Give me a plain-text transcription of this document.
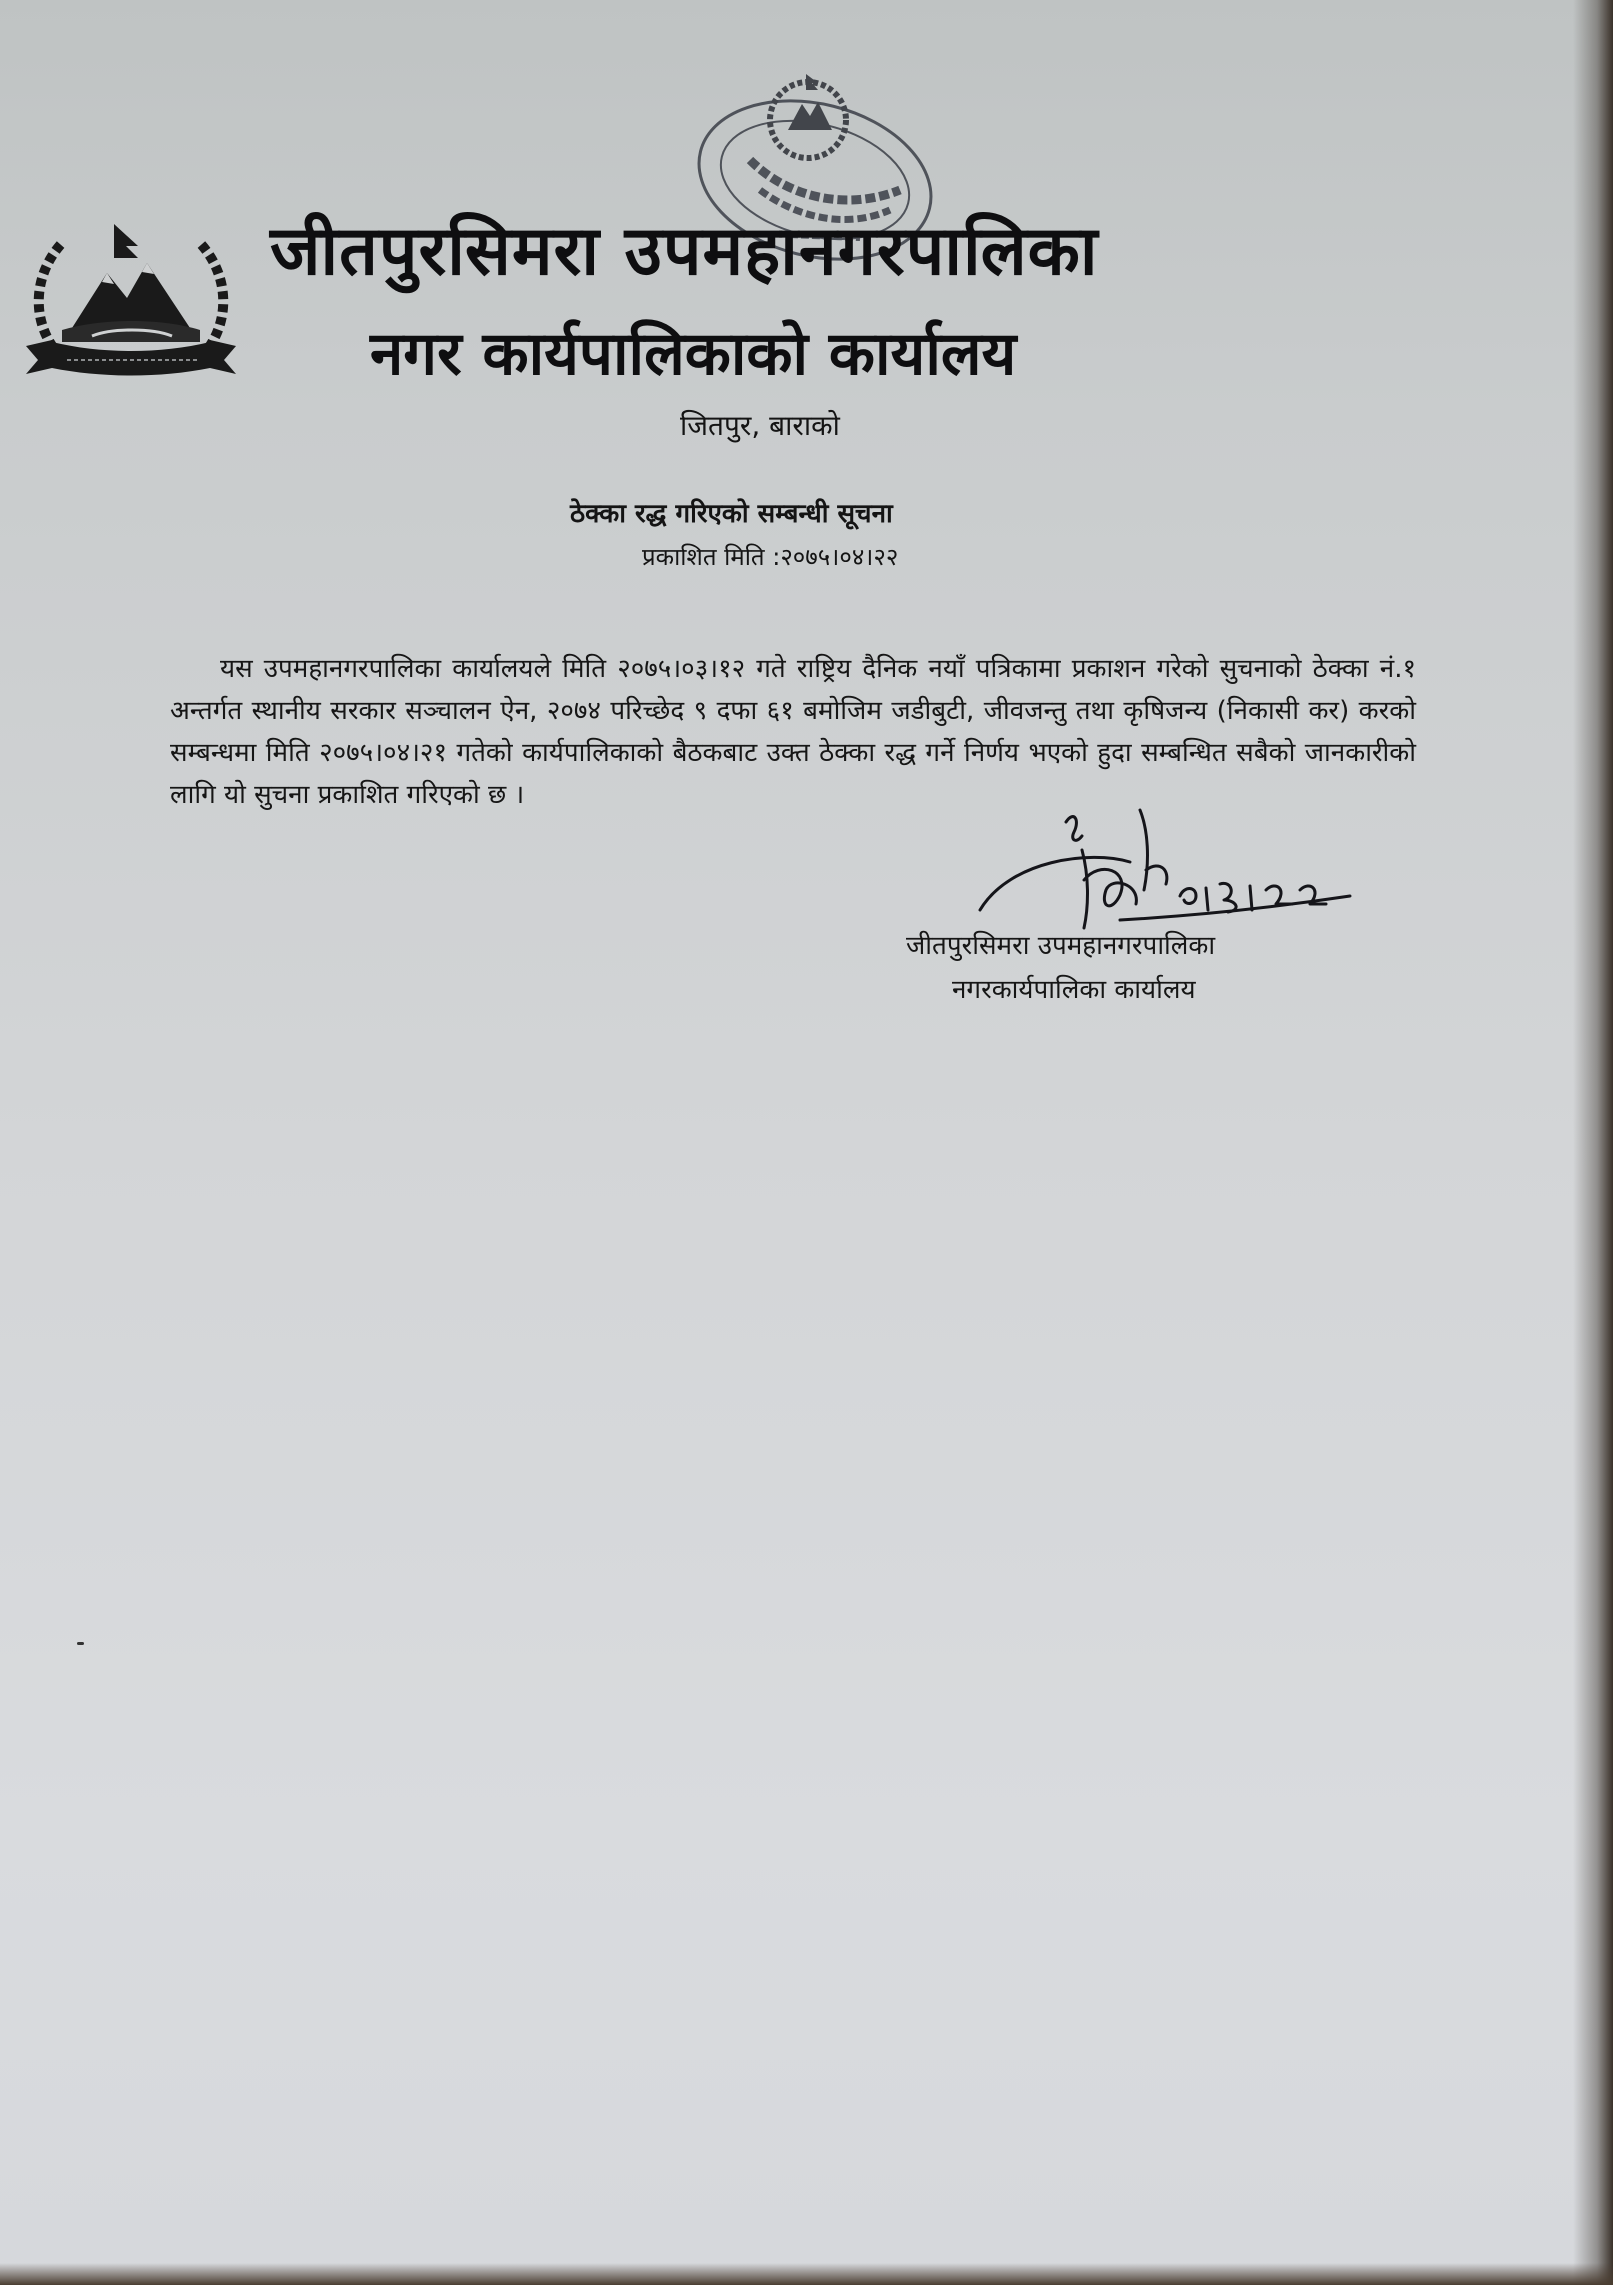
जीतपुरसिमरा उपमहानगरपालिका
नगर कार्यपालिकाको कार्यालय
जितपुर, बाराको
ठेक्का रद्ध गरिएको सम्बन्धी सूचना
प्रकाशित मिति :२०७५।०४।२२

यस उपमहानगरपालिका कार्यालयले मिति २०७५।०३।१२ गते राष्ट्रिय दैनिक नयाँ पत्रिकामा प्रकाशन गरेको सुचनाको ठेक्का नं.१ अन्तर्गत स्थानीय सरकार सञ्चालन ऐन, २०७४ परिच्छेद ९ दफा ६१ बमोजिम जडीबुटी, जीवजन्तु तथा कृषिजन्य (निकासी कर) करको सम्बन्धमा मिति २०७५।०४।२१ गतेको कार्यपालिकाको बैठकबाट उक्त ठेक्का रद्ध गर्ने निर्णय भएको हुदा सम्बन्धित सबैको जानकारीको लागि यो सुचना प्रकाशित गरिएको छ ।

जीतपुरसिमरा उपमहानगरपालिका
नगरकार्यपालिका कार्यालय
